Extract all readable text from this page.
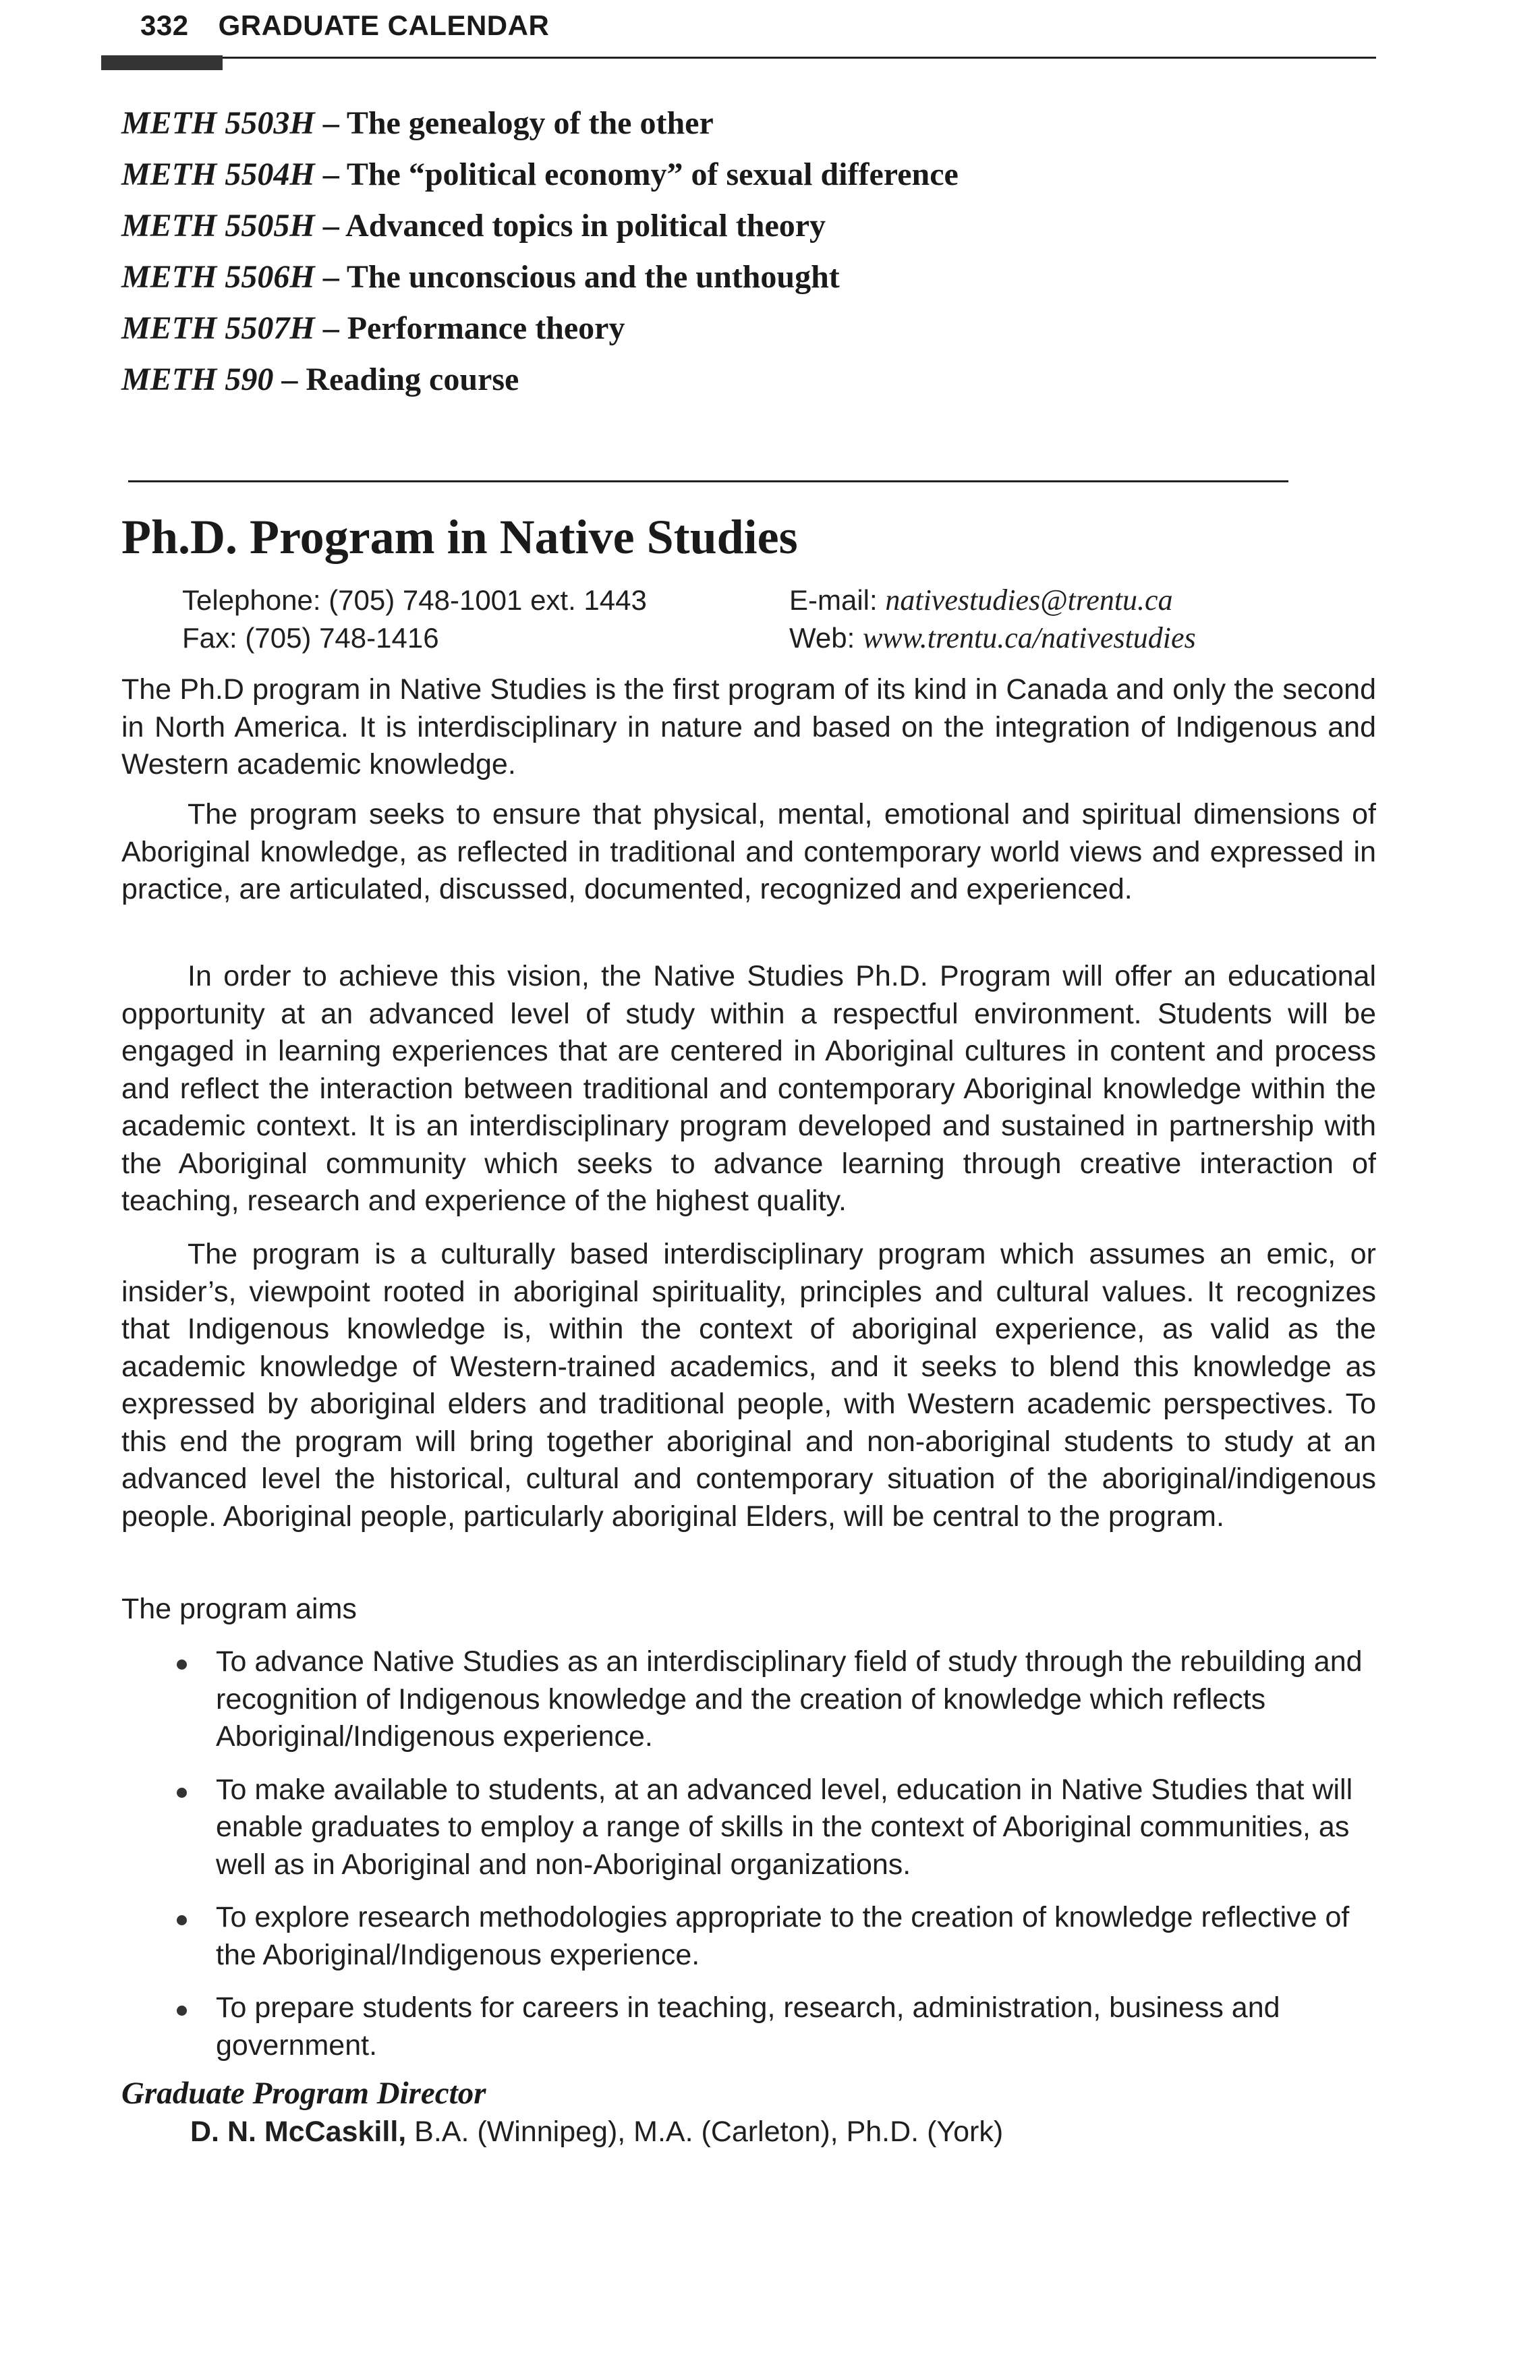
332 GRADUATE CALENDAR
METH 5503H – The genealogy of the other
METH 5504H – The “political economy” of sexual difference
METH 5505H – Advanced topics in political theory
METH 5506H – The unconscious and the unthought
METH 5507H – Performance theory
METH 590 – Reading course
Ph.D. Program in Native Studies
Telephone: (705) 748-1001 ext. 1443
Fax: (705) 748-1416
E-mail: nativestudies@trentu.ca
Web: www.trentu.ca/nativestudies

The Ph.D program in Native Studies is the first program of its kind in Canada and only the second in North America. It is interdisciplinary in nature and based on the integration of Indigenous and Western academic knowledge.

The program seeks to ensure that physical, mental, emotional and spiritual dimensions of Aboriginal knowledge, as reflected in traditional and contemporary world views and expressed in practice, are articulated, discussed, documented, recognized and experienced.

In order to achieve this vision, the Native Studies Ph.D. Program will offer an educational opportunity at an advanced level of study within a respectful environment. Students will be engaged in learning experiences that are centered in Aboriginal cultures in content and process and reflect the interaction between traditional and contemporary Aboriginal knowledge within the academic context. It is an interdisciplinary program developed and sustained in partnership with the Aboriginal community which seeks to advance learning through creative interaction of teaching, research and experience of the highest quality.

The program is a culturally based interdisciplinary program which assumes an emic, or insider’s, viewpoint rooted in aboriginal spirituality, principles and cultural values. It recognizes that Indigenous knowledge is, within the context of aboriginal experience, as valid as the academic knowledge of Western-trained academics, and it seeks to blend this knowledge as expressed by aboriginal elders and traditional people, with Western academic perspectives. To this end the program will bring together aboriginal and non-aboriginal students to study at an advanced level the historical, cultural and contemporary situation of the aboriginal/indigenous people. Aboriginal people, particularly aboriginal Elders, will be central to the program.

The program aims

To advance Native Studies as an interdisciplinary field of study through the rebuilding and recognition of Indigenous knowledge and the creation of knowledge which reflects Aboriginal/Indigenous experience.
To make available to students, at an advanced level, education in Native Studies that will enable graduates to employ a range of skills in the context of Aboriginal communities, as well as in Aboriginal and non-Aboriginal organizations.
To explore research methodologies appropriate to the creation of knowledge reflective of the Aboriginal/Indigenous experience.
To prepare students for careers in teaching, research, administration, business and government.
Graduate Program Director
D. N. McCaskill, B.A. (Winnipeg), M.A. (Carleton), Ph.D. (York)
